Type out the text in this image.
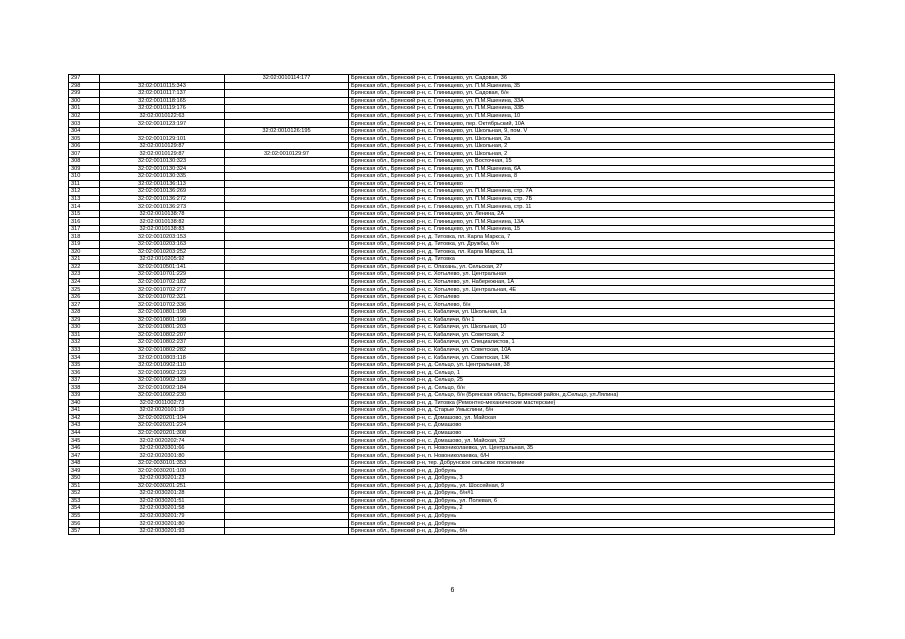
297		32:02:0010114:177	Брянская обл., Брянский р-н, с. Глинищево, ул. Садовая, 36
298	32:02:0010115:343		Брянская обл., Брянский р-н, с. Глинищево, ул. П.М.Яшенина, 35
299	32:02:0010117:137		Брянская обл., Брянский р-н, с. Глинищево, ул. Садовая, б/н
300	32:02:0010118:165		Брянская обл., Брянский р-н, с. Глинищево, ул. П.М.Яшенина, 33А
301	32:02:0010119:176		Брянская обл., Брянский р-н, с. Глинищево, ул. П.М.Яшенина, 33Б
302	32:02:0010122:63		Брянская обл., Брянский р-н, с. Глинищево, ул. П.М.Яшенина, 10
303	32:02:0010123:197		Брянская обл., Брянский р-н, с. Глинищево, пер. Октябрьский, 10А
304		32:02:0010126:195	Брянская обл., Брянский р-н, с. Глинищево, ул. Школьная, 9, пом. V
305	32:02:0010129:101		Брянская обл., Брянский р-н, с. Глинищево, ул. Школьная, 2а
306	32:02:0010129:87		Брянская обл., Брянский р-н, с. Глинищево, ул. Школьная, 2
307	32:02:0010129:87	32:02:0010129:97	Брянская обл., Брянский р-н, с. Глинищево, ул. Школьная, 2
308	32:02:0010130:323		Брянская обл., Брянский р-н, с. Глинищево, ул. Восточная, 15
309	32:02:0010130:324		Брянская обл., Брянский р-н, с. Глинищево, ул. П.М.Яшенина, 6А
310	32:02:0010130:335		Брянская обл., Брянский р-н, с. Глинищево, ул. П.М.Яшенина, 8
311	32:02:0010136:113		Брянская обл., Брянский р-н, с. Глинищево
312	32:02:0010136:269		Брянская обл., Брянский р-н, с. Глинищево, ул. П.М.Яшенина, стр. 7А
313	32:02:0010136:272		Брянская обл., Брянский р-н, с. Глинищево, ул. П.М.Яшенина, стр. 7Б
314	32:02:0010136:273		Брянская обл., Брянский р-н, с. Глинищево, ул. П.М.Яшенина, стр. 11
315	32:02:0010138:78		Брянская обл., Брянский р-н, с. Глинищево, ул. Ленина, 2А
316	32:02:0010138:82		Брянская обл., Брянский р-н, с. Глинищево, ул. П.М.Яшенина, 13А
317	32:02:0010138:83		Брянская обл., Брянский р-н, с. Глинищево, ул. П.М.Яшенина, 15
318	32:02:0010203:153		Брянская обл., Брянский р-н, д. Титовка, пл. Карла Маркса, 7
319	32:02:0010203:163		Брянская обл., Брянский р-н, д. Титовка, ул. Дружбы, б/н
320	32:02:0010203:252		Брянская обл., Брянский р-н, д. Титовка, пл. Карла Маркса, 11
321	32:02:0010205:92		Брянская обл., Брянский р-н, д. Титовка
322	32:02:0010501:141		Брянская обл., Брянский р-н, с. Опахань, ул. Сельская, 27
323	32:02:0010701:229		Брянская обл., Брянский р-н, с. Хотылево, ул. Центральная
324	32:02:0010702:182		Брянская обл., Брянский р-н, с. Хотылево, ул. Набережная, 1А
325	32:02:0010702:277		Брянская обл., Брянский р-н, с. Хотылево, ул. Центральная, 4Е
326	32:02:0010702:321		Брянская обл., Брянский р-н, с. Хотылево
327	32:02:0010702:336		Брянская обл., Брянский р-н, с. Хотылево, б/н
328	32:02:0010801:198		Брянская обл., Брянский р-н, с. Кабаличи, ул. Школьная, 1а
329	32:02:0010801:199		Брянская обл., Брянский р-н, с. Кабаличи, б/н 1
330	32:02:0010801:203		Брянская обл., Брянский р-н, с. Кабаличи, ул. Школьная, 10
331	32:02:0010802:207		Брянская обл., Брянский р-н, с. Кабаличи, ул. Советская, 2
332	32:02:0010802:237		Брянская обл., Брянский р-н, с. Кабаличи, ул. Специалистов, 1
333	32:02:0010802:282		Брянская обл., Брянский р-н, с. Кабаличи, ул. Советская, 10А
334	32:02:0010803:118		Брянская обл., Брянский р-н, с. Кабаличи, ул. Советская, 1Ж
335	32:02:0010902:110		Брянская обл., Брянский р-н, д. Сельцо, ул. Центральная, 38
336	32:02:0010902:123		Брянская обл., Брянский р-н, д. Сельцо, 1
337	32:02:0010902:139		Брянская обл., Брянский р-н, д. Сельцо, 25
338	32:02:0010902:184		Брянская обл., Брянский р-н, д. Сельцо, б/н
339	32:02:0010902:230		Брянская обл., Брянский р-н, д. Сельцо, б/н (Брянская область, Брянский район, д.Сельцо, ул.Лялина)
340	32:02:0011002:73		Брянская обл., Брянский р-н, д. Титовка (Ремонтно-механические мастерские)
341	32:02:0020101:19		Брянская обл., Брянский р-н, д. Старые Умыслини, б/н
342	32:02:0020201:194		Брянская обл., Брянский р-н, с. Домашово, ул. Майская
343	32:02:0020201:224		Брянская обл., Брянский р-н, с. Домашово
344	32:02:0020201:308		Брянская обл., Брянский р-н, с. Домашово
345	32:02:0020202:74		Брянская обл., Брянский р-н, с. Домашово, ул. Майская, 32
346	32:02:0020301:66		Брянская обл., Брянский р-н, п. Новониколаевка, ул. Центральная, 35
347	32:02:0020301:80		Брянская обл., Брянский р-н, п. Новониколаевка, б/Н
348	32:02:0030101:353		Брянская обл., Брянский р-н, тер. Добрунское сельское поселение
349	32:02:0030201:100		Брянская обл., Брянский р-н, д. Добрунь
350	32:02:0030201:23		Брянская обл., Брянский р-н, д. Добрунь, 3
351	32:02:0030201:251		Брянская обл., Брянский р-н, д. Добрунь, ул. Шоссейная, 9
352	32:02:0030201:28		Брянская обл., Брянский р-н, д. Добрунь, б/н#1
353	32:02:0030201:51		Брянская обл., Брянский р-н, д. Добрунь, ул. Полевая, 6
354	32:02:0030201:58		Брянская обл., Брянский р-н, д. Добрунь, 2
355	32:02:0030201:79		Брянская обл., Брянский р-н, д. Добрунь
356	32:02:0030201:80		Брянская обл., Брянский р-н, д. Добрунь
357	32:02:0030201:93		Брянская обл., Брянский р-н, д. Добрунь, б/н
6
